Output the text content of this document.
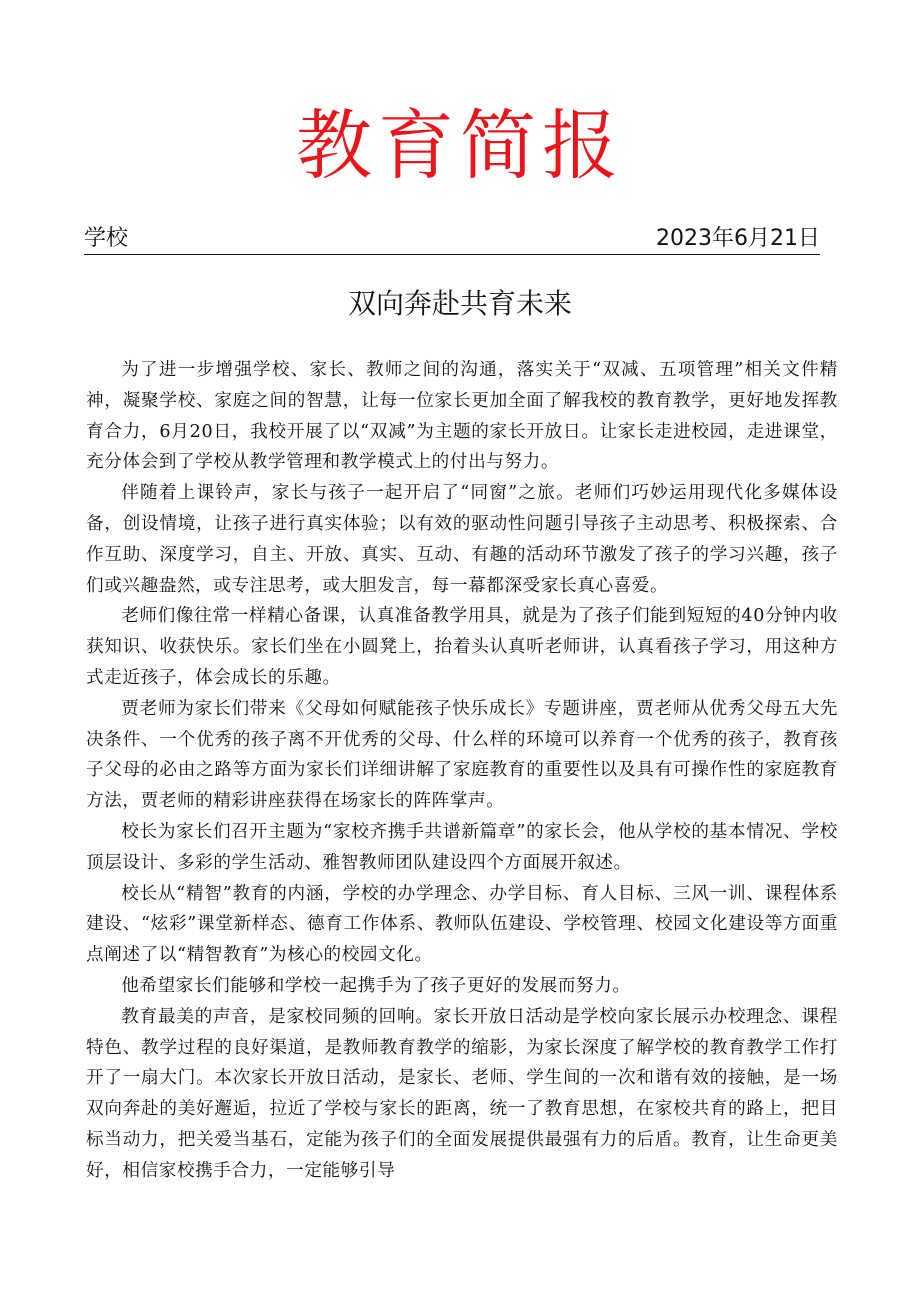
教育简报
学校	2023年6月21日
双向奔赴共育未来

为了进一步增强学校、家长、教师之间的沟通，落实关于“双减、五项管理”相关文件精神，凝聚学校、家庭之间的智慧，让每一位家长更加全面了解我校的教育教学，更好地发挥教育合力，6月20日，我校开展了以“双减”为主题的家长开放日。让家长走进校园，走进课堂，充分体会到了学校从教学管理和教学模式上的付出与努力。

伴随着上课铃声，家长与孩子一起开启了“同窗”之旅。老师们巧妙运用现代化多媒体设备，创设情境，让孩子进行真实体验；以有效的驱动性问题引导孩子主动思考、积极探索、合作互助、深度学习，自主、开放、真实、互动、有趣的活动环节激发了孩子的学习兴趣，孩子们或兴趣盎然，或专注思考，或大胆发言，每一幕都深受家长真心喜爱。

老师们像往常一样精心备课，认真准备教学用具，就是为了孩子们能到短短的40分钟内收获知识、收获快乐。家长们坐在小圆凳上，抬着头认真听老师讲，认真看孩子学习，用这种方式走近孩子，体会成长的乐趣。

贾老师为家长们带来《父母如何赋能孩子快乐成长》专题讲座，贾老师从优秀父母五大先决条件、一个优秀的孩子离不开优秀的父母、什么样的环境可以养育一个优秀的孩子，教育孩子父母的必由之路等方面为家长们详细讲解了家庭教育的重要性以及具有可操作性的家庭教育方法，贾老师的精彩讲座获得在场家长的阵阵掌声。

校长为家长们召开主题为“家校齐携手共谱新篇章”的家长会，他从学校的基本情况、学校顶层设计、多彩的学生活动、雅智教师团队建设四个方面展开叙述。

校长从“精智”教育的内涵，学校的办学理念、办学目标、育人目标、三风一训、课程体系建设、“炫彩”课堂新样态、德育工作体系、教师队伍建设、学校管理、校园文化建设等方面重点阐述了以“精智教育”为核心的校园文化。

他希望家长们能够和学校一起携手为了孩子更好的发展而努力。

教育最美的声音，是家校同频的回响。家长开放日活动是学校向家长展示办校理念、课程特色、教学过程的良好渠道，是教师教育教学的缩影，为家长深度了解学校的教育教学工作打开了一扇大门。本次家长开放日活动，是家长、老师、学生间的一次和谐有效的接触，是一场双向奔赴的美好邂逅，拉近了学校与家长的距离，统一了教育思想，在家校共育的路上，把目标当动力，把关爱当基石，定能为孩子们的全面发展提供最强有力的后盾。教育，让生命更美好，相信家校携手合力，一定能够引导
